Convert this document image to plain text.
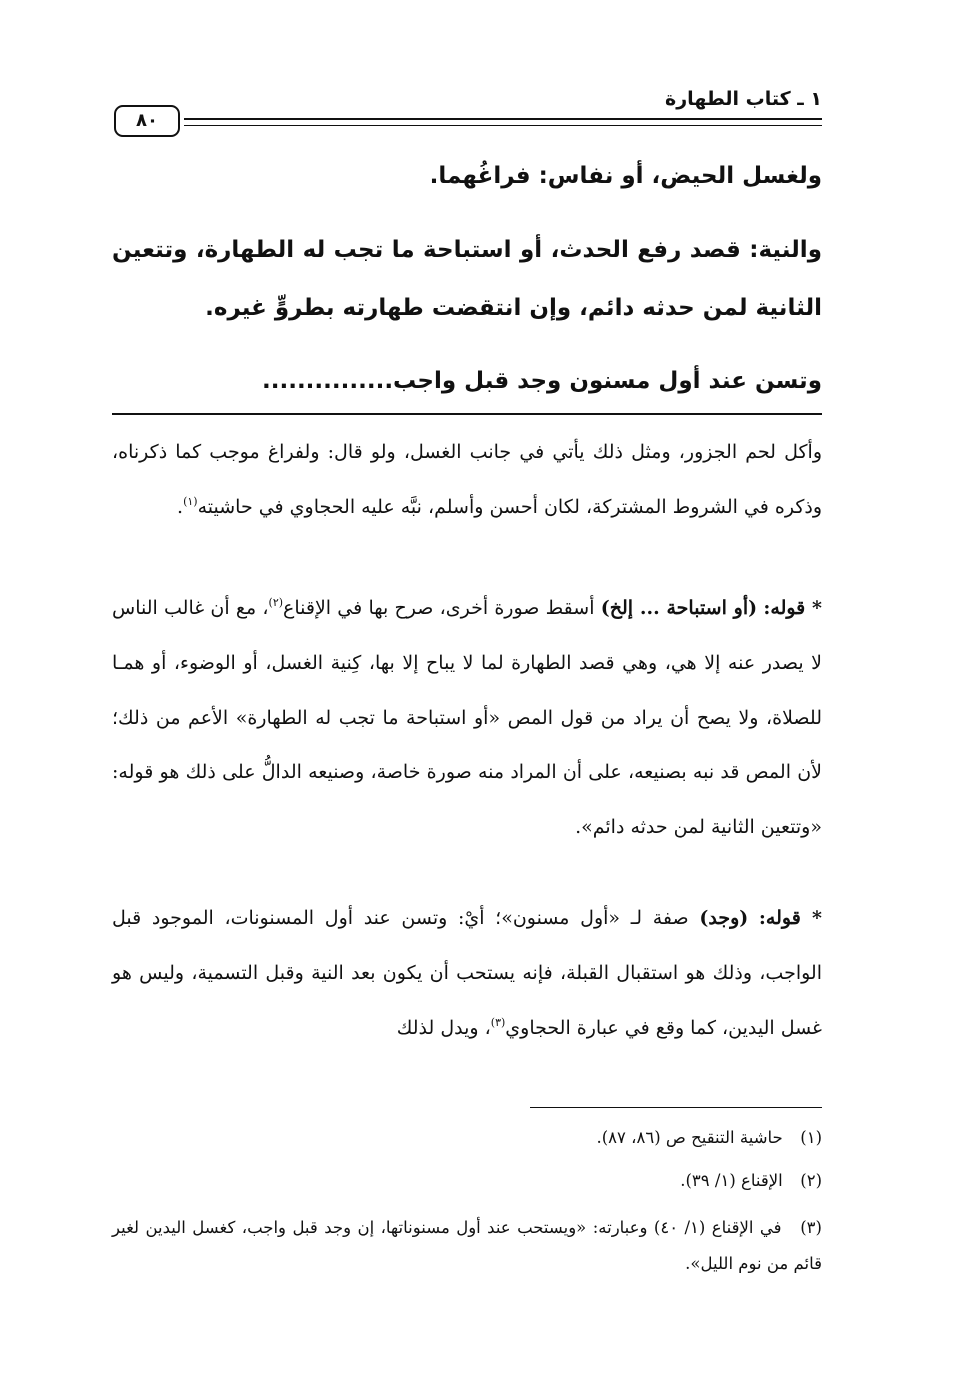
١ ـ كتاب الطهارة
٨٠
ولغسل الحيض، أو نفاس: فراغُهما.
والنية: قصد رفع الحدث، أو استباحة ما تجب له الطهارة، وتتعين
الثانية لمن حدثه دائم، وإن انتقضت طهارته بطروٍّ غيره.
وتسن عند أول مسنون وجد قبل واجب...............
وأكل لحم الجزور، ومثل ذلك يأتي في جانب الغسل، ولو قال: ولفراغ موجب كما ذكرناه، وذكره في الشروط المشتركة، لكان أحسن وأسلم، نبَّه عليه الحجاوي في حاشيته$^{(١)}$.
* قوله: (أو استباحة ... إلخ) أسقط صورة أخرى، صرح بها في الإقناع$^{(٢)}$، مع أن غالب الناس لا يصدر عنه إلا هي، وهي قصد الطهارة لما لا يباح إلا بها، كِنية الغسل، أو الوضوء، أو همـا للصلاة، ولا يصح أن يراد من قول المص «أو استباحة ما تجب له الطهارة» الأعم من ذلك؛ لأن المص قد نبه بصنيعه، على أن المراد منه صورة خاصة، وصنيعه الدالُّ على ذلك هو قوله: «وتتعين الثانية لمن حدثه دائم».
* قوله: (وجد) صفة لـ «أول مسنون»؛ أيْ: وتسن عند أول المسنونات، الموجود قبل الواجب، وذلك هو استقبال القبلة، فإنه يستحب أن يكون بعد النية وقبل التسمية، وليس هو غسل اليدين، كما وقع في عبارة الحجاوي$^{(٣)}$، ويدل لذلك
(١) حاشية التنقيح ص (٨٦، ٨٧).
(٢) الإقناع (١/ ٣٩).
(٣) في الإقناع (١/ ٤٠) وعبارته: «ويستحب عند أول مسنوناتها، إن وجد قبل واجب، كغسل اليدين لغير قائم من نوم الليل».
